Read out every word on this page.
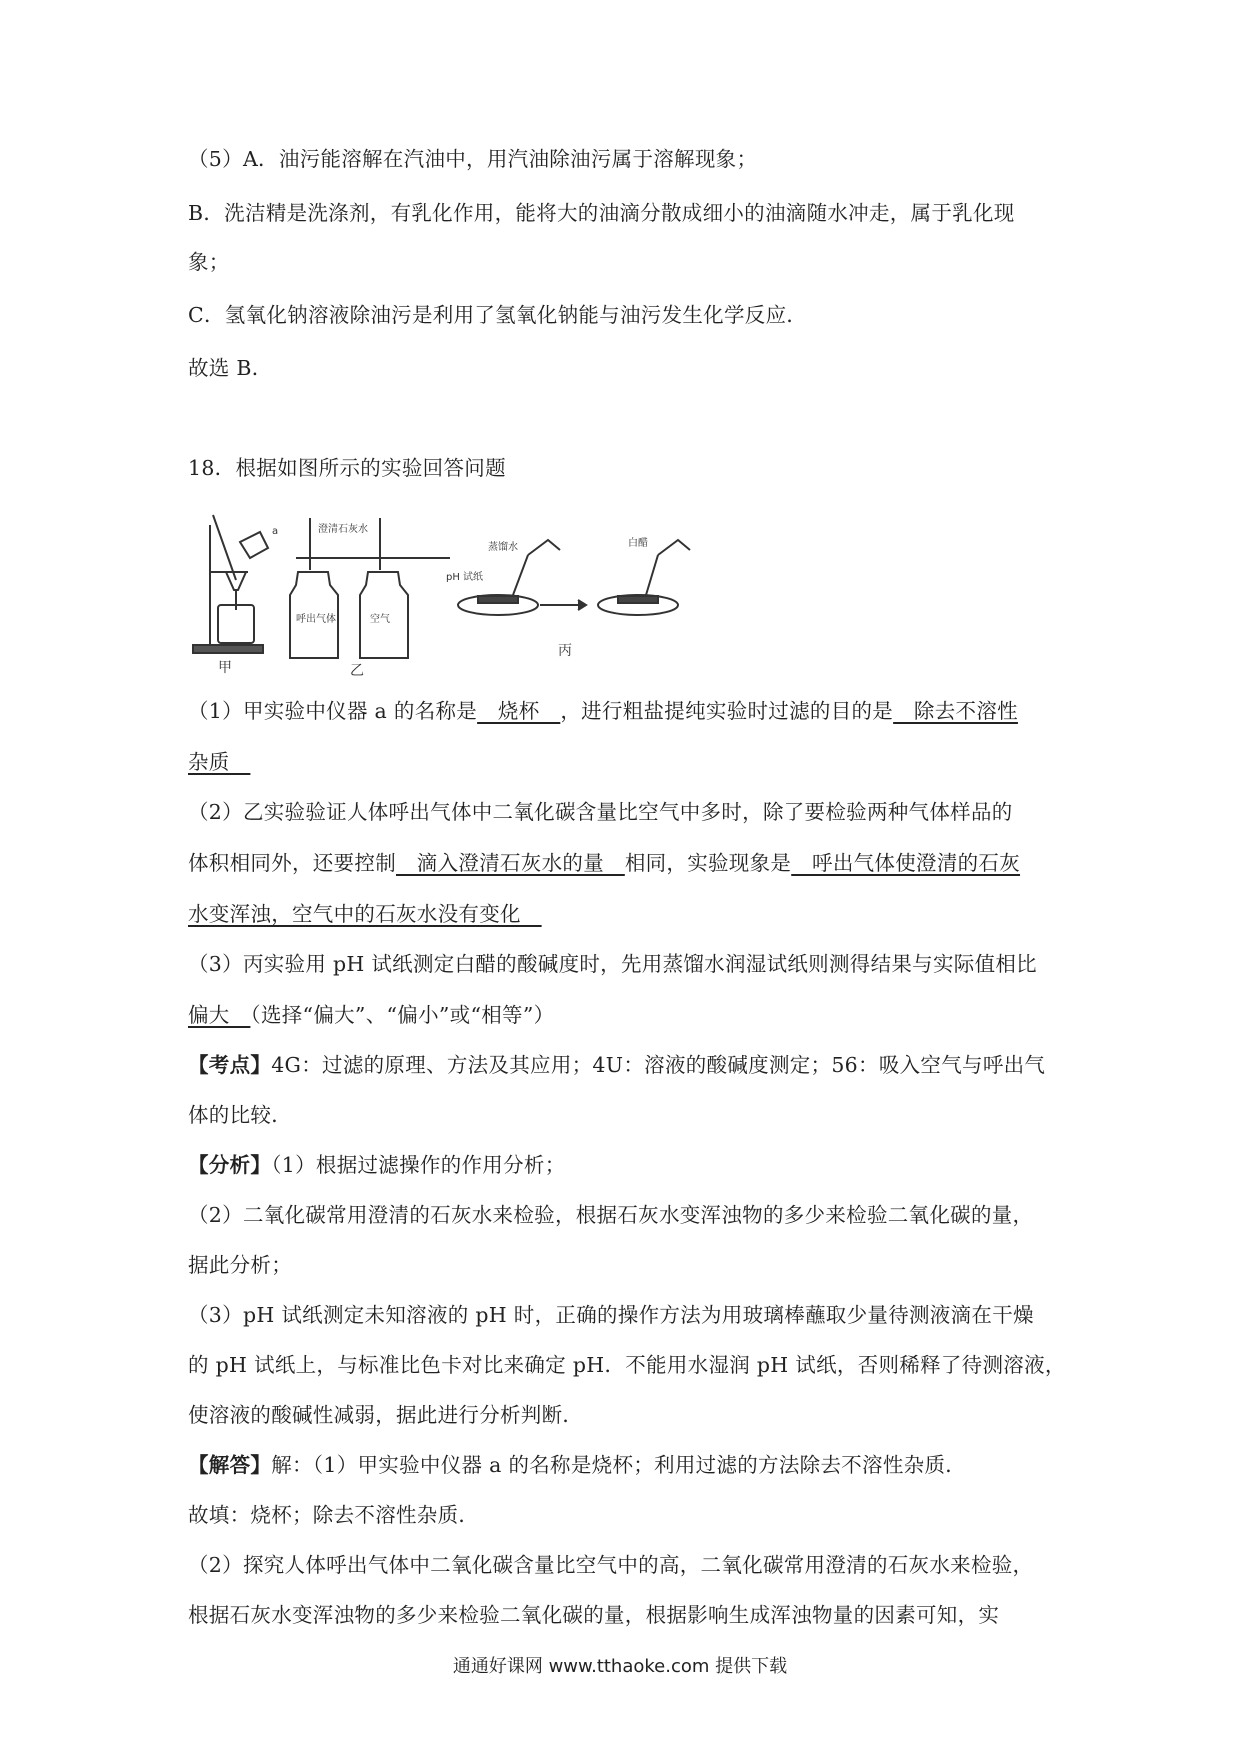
（5）A．油污能溶解在汽油中，用汽油除油污属于溶解现象；
B．洗洁精是洗涤剂，有乳化作用，能将大的油滴分散成细小的油滴随水冲走，属于乳化现
象；
C．氢氧化钠溶液除油污是利用了氢氧化钠能与油污发生化学反应．
故选 B．
18．根据如图所示的实验回答问题
a
甲
澄清石灰水
呼出气体	空气
乙
蒸馏水
pH 试纸
白醋
丙
（1）甲实验中仪器 a 的名称是　烧杯　，进行粗盐提纯实验时过滤的目的是　除去不溶性
杂质　
（2）乙实验验证人体呼出气体中二氧化碳含量比空气中多时，除了要检验两种气体样品的
体积相同外，还要控制　滴入澄清石灰水的量　相同，实验现象是　呼出气体使澄清的石灰
水变浑浊，空气中的石灰水没有变化　
（3）丙实验用 pH 试纸测定白醋的酸碱度时，先用蒸馏水润湿试纸则测得结果与实际值相比
偏大　（选择“偏大”、“偏小”或“相等”）
【考点】4G：过滤的原理、方法及其应用；4U：溶液的酸碱度测定；56：吸入空气与呼出气
体的比较．
【分析】（1）根据过滤操作的作用分析；
（2）二氧化碳常用澄清的石灰水来检验，根据石灰水变浑浊物的多少来检验二氧化碳的量，
据此分析；
（3）pH 试纸测定未知溶液的 pH 时，正确的操作方法为用玻璃棒蘸取少量待测液滴在干燥
的 pH 试纸上，与标准比色卡对比来确定 pH．不能用水湿润 pH 试纸，否则稀释了待测溶液，
使溶液的酸碱性减弱，据此进行分析判断．
【解答】解：（1）甲实验中仪器 a 的名称是烧杯；利用过滤的方法除去不溶性杂质．
故填：烧杯；除去不溶性杂质．
（2）探究人体呼出气体中二氧化碳含量比空气中的高，二氧化碳常用澄清的石灰水来检验，
根据石灰水变浑浊物的多少来检验二氧化碳的量，根据影响生成浑浊物量的因素可知，实
通通好课网 www.tthaoke.com 提供下载
